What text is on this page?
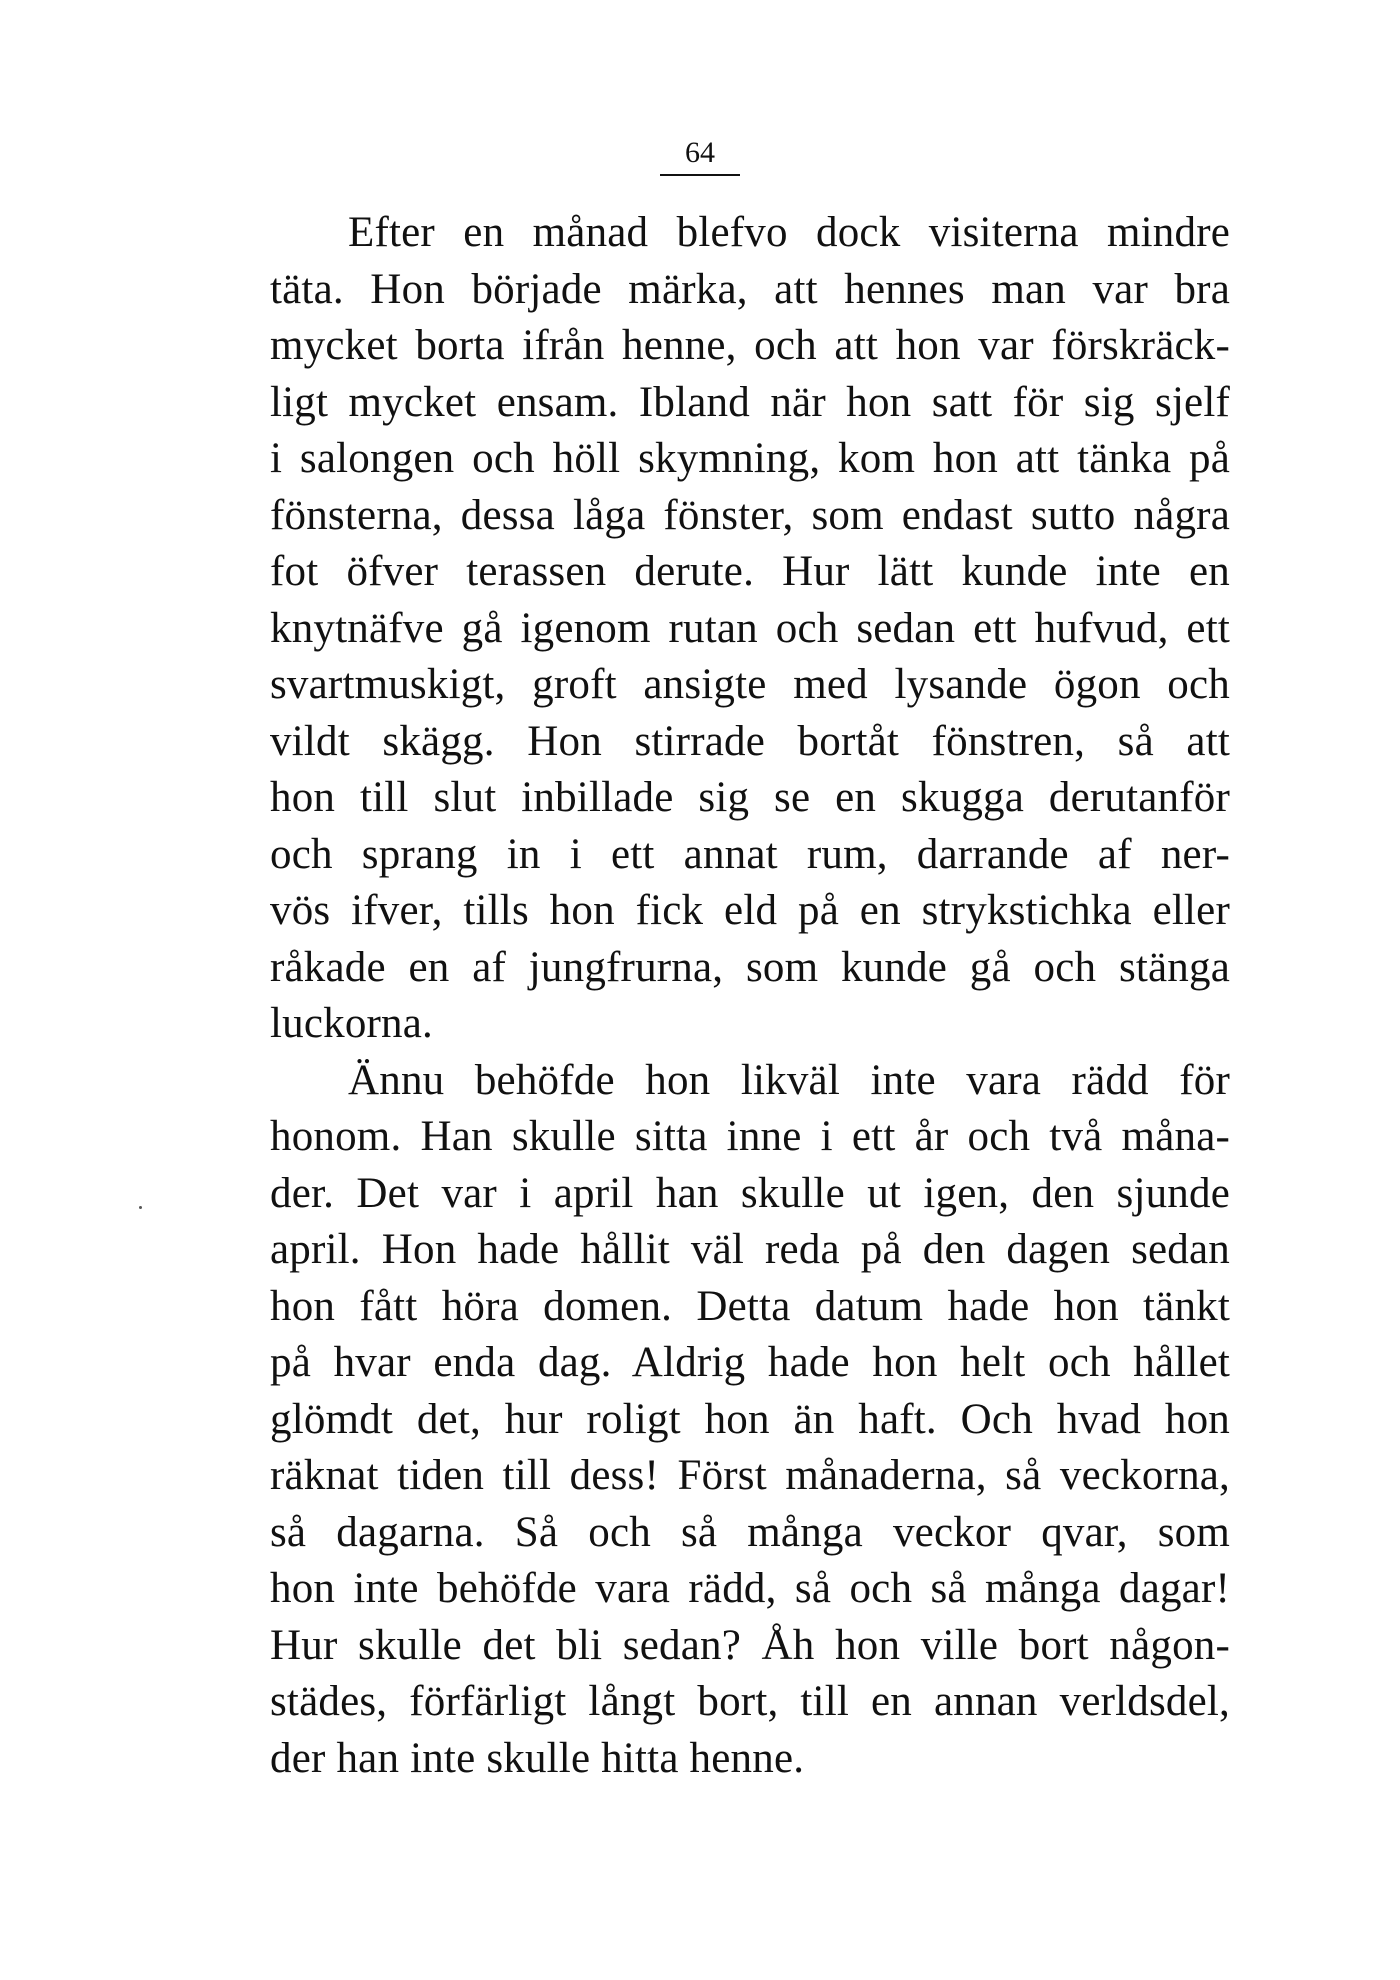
64
Efter en månad blefvo dock visiterna mindre
täta. Hon började märka, att hennes man var bra
mycket borta ifrån henne, och att hon var förskräck-
ligt mycket ensam. Ibland när hon satt för sig sjelf
i salongen och höll skymning, kom hon att tänka på
fönsterna, dessa låga fönster, som endast sutto några
fot öfver terassen derute. Hur lätt kunde inte en
knytnäfve gå igenom rutan och sedan ett hufvud, ett
svartmuskigt, groft ansigte med lysande ögon och
vildt skägg. Hon stirrade bortåt fönstren, så att
hon till slut inbillade sig se en skugga derutanför
och sprang in i ett annat rum, darrande af ner-
vös ifver, tills hon fick eld på en strykstichka eller
råkade en af jungfrurna, som kunde gå och stänga
luckorna.
Ännu behöfde hon likväl inte vara rädd för
honom. Han skulle sitta inne i ett år och två måna-
der. Det var i april han skulle ut igen, den sjunde
april. Hon hade hållit väl reda på den dagen sedan
hon fått höra domen. Detta datum hade hon tänkt
på hvar enda dag. Aldrig hade hon helt och hållet
glömdt det, hur roligt hon än haft. Och hvad hon
räknat tiden till dess! Först månaderna, så veckorna,
så dagarna. Så och så många veckor qvar, som
hon inte behöfde vara rädd, så och så många dagar!
Hur skulle det bli sedan? Åh hon ville bort någon-
städes, förfärligt långt bort, till en annan verldsdel,
der han inte skulle hitta henne.
